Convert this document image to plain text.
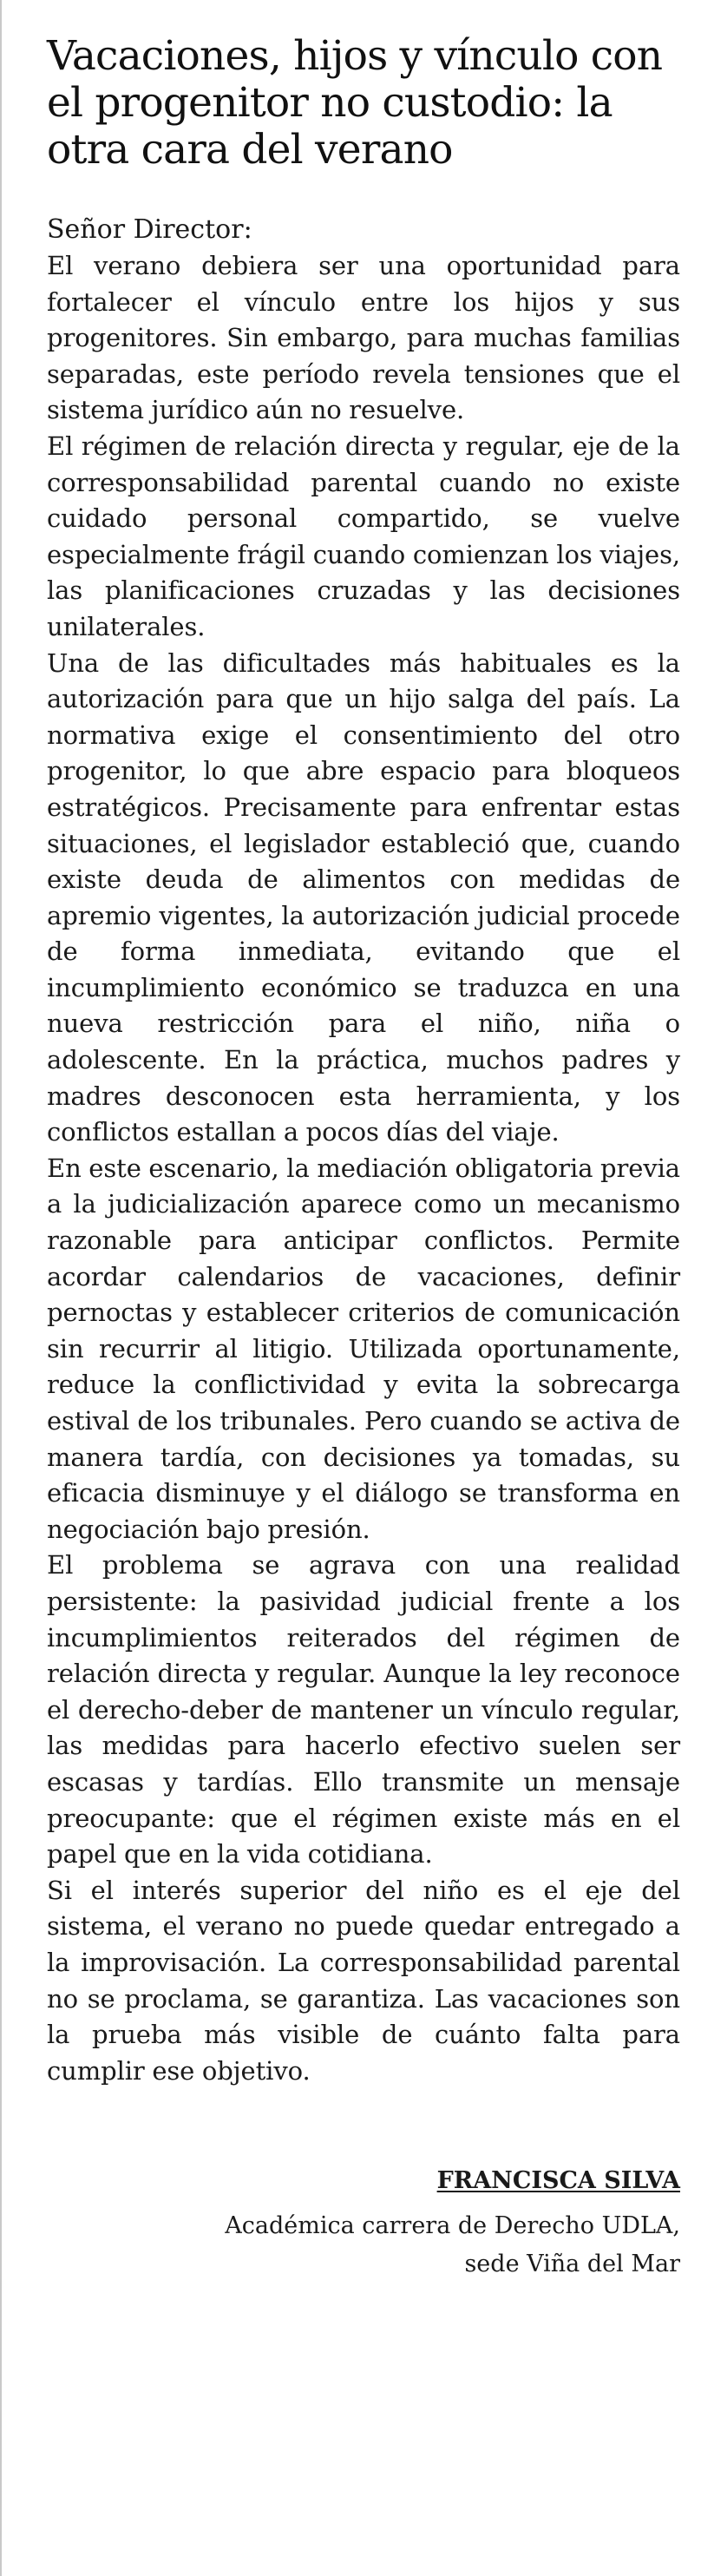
Vacaciones, hijos y vínculo con el progenitor no custodio: la otra cara del verano

Señor Director:

El verano debiera ser una oportunidad para fortalecer el vínculo entre los hijos y sus progenitores. Sin embargo, para muchas familias separadas, este período revela tensiones que el sistema jurídico aún no resuelve.

El régimen de relación directa y regular, eje de la corresponsabilidad parental cuando no existe cuidado personal compartido, se vuelve especialmente frágil cuando comienzan los viajes, las planificaciones cruzadas y las decisiones unilaterales.

Una de las dificultades más habituales es la autorización para que un hijo salga del país. La normativa exige el consentimiento del otro progenitor, lo que abre espacio para bloqueos estratégicos. Precisamente para enfrentar estas situaciones, el legislador estableció que, cuando existe deuda de alimentos con medidas de apremio vigentes, la autorización judicial procede de forma inmediata, evitando que el incumplimiento económico se traduzca en una nueva restricción para el niño, niña o adolescente. En la práctica, muchos padres y madres desconocen esta herramienta, y los conflictos estallan a pocos días del viaje.

En este escenario, la mediación obligatoria previa a la judicialización aparece como un mecanismo razonable para anticipar conflictos. Permite acordar calendarios de vacaciones, definir pernoctas y establecer criterios de comunicación sin recurrir al litigio. Utilizada oportunamente, reduce la conflictividad y evita la sobrecarga estival de los tribunales. Pero cuando se activa de manera tardía, con decisiones ya tomadas, su eficacia disminuye y el diálogo se transforma en negociación bajo presión.

El problema se agrava con una realidad persistente: la pasividad judicial frente a los incumplimientos reiterados del régimen de relación directa y regular. Aunque la ley reconoce el derecho-deber de mantener un vínculo regular, las medidas para hacerlo efectivo suelen ser escasas y tardías. Ello transmite un mensaje preocupante: que el régimen existe más en el papel que en la vida cotidiana.

Si el interés superior del niño es el eje del sistema, el verano no puede quedar entregado a la improvisación. La corresponsabilidad parental no se proclama, se garantiza. Las vacaciones son la prueba más visible de cuánto falta para cumplir ese objetivo.

FRANCISCA SILVA

Académica carrera de Derecho UDLA,

sede Viña del Mar
